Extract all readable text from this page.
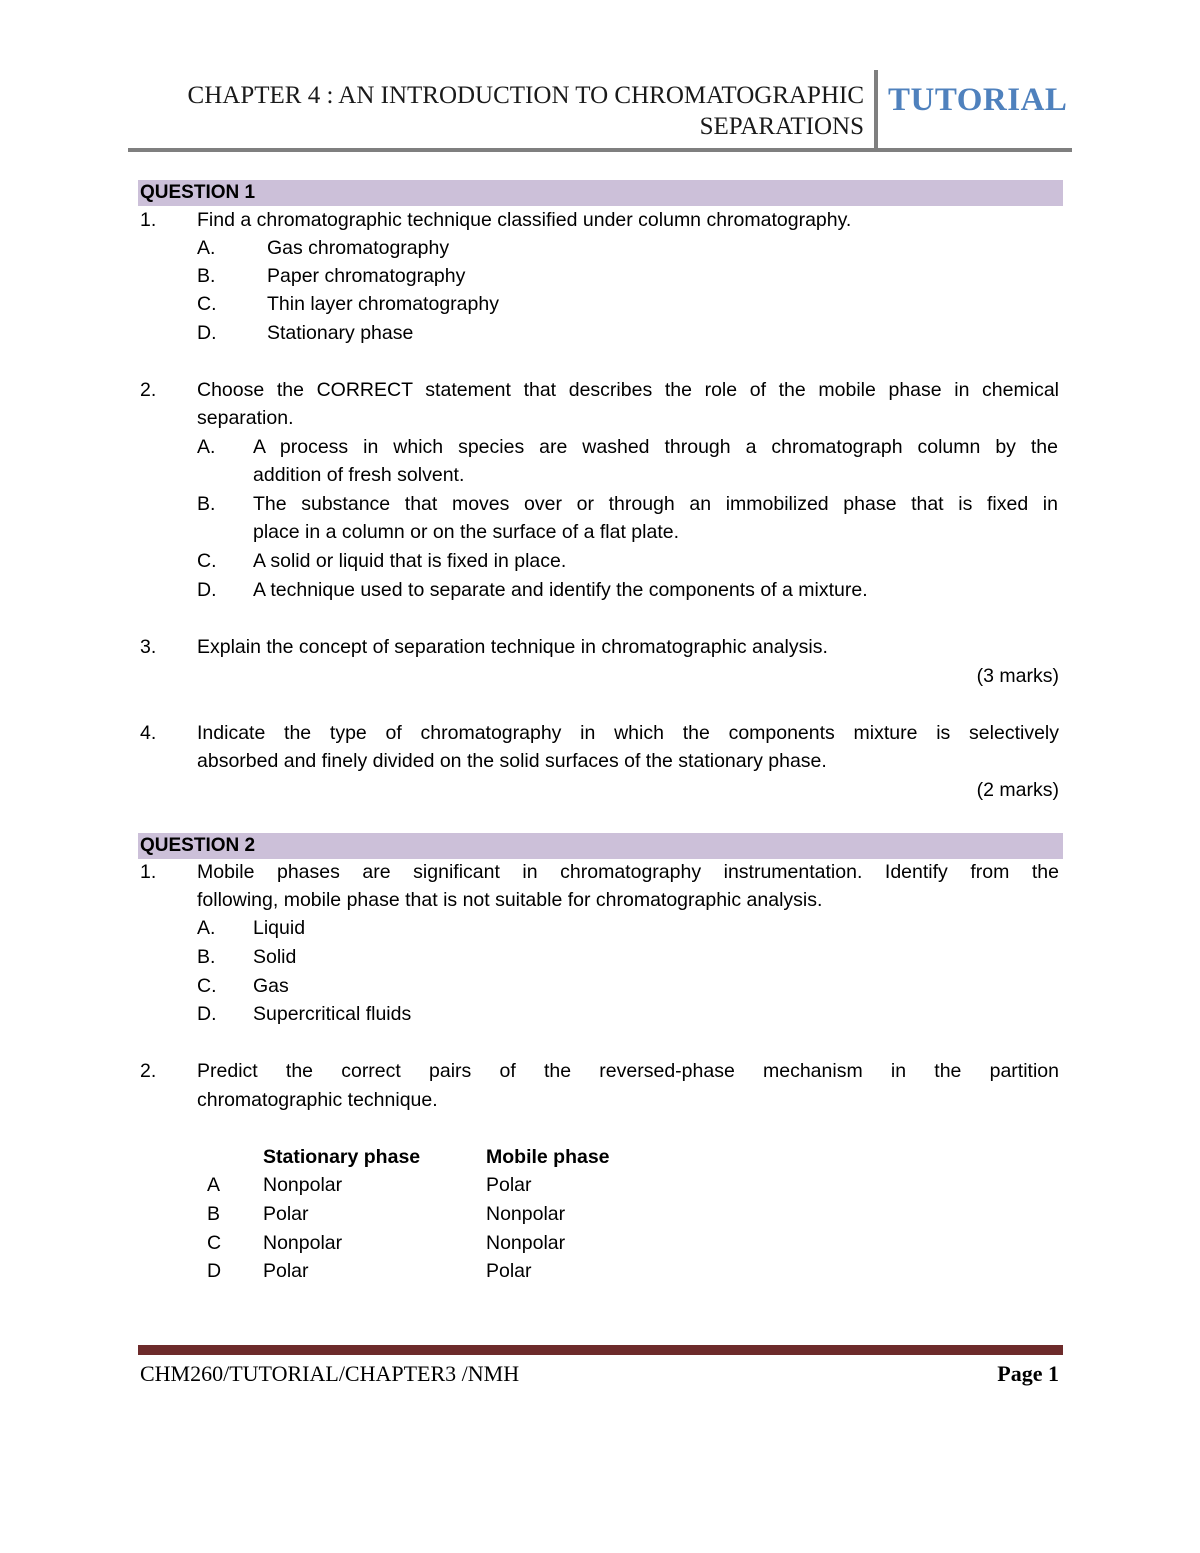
CHAPTER 4 : AN INTRODUCTION TO CHROMATOGRAPHIC
SEPARATIONS
TUTORIAL
QUESTION 1
1. Find a chromatographic technique classified under column chromatography.
A.	Gas chromatography
B.	Paper chromatography
C.	Thin layer chromatography
D.	Stationary phase
2. Choose the CORRECT statement that describes the role of the mobile phase in chemical
separation.
A. A process in which species are washed through a chromatograph column by the
addition of fresh solvent.
B. The substance that moves over or through an immobilized phase that is fixed in
place in a column or on the surface of a flat plate.
C. A solid or liquid that is fixed in place.
D. A technique used to separate and identify the components of a mixture.
3. Explain the concept of separation technique in chromatographic analysis.
(3 marks)
4. Indicate the type of chromatography in which the components mixture is selectively
absorbed and finely divided on the solid surfaces of the stationary phase.
(2 marks)
QUESTION 2
1. Mobile phases are significant in chromatography instrumentation. Identify from the
following, mobile phase that is not suitable for chromatographic analysis.
A. Liquid
B. Solid
C. Gas
D. Supercritical fluids
2. Predict the correct pairs of the reversed-phase mechanism in the partition
chromatographic technique.
Stationary phase	Mobile phase
A Nonpolar	Polar
B Polar	Nonpolar
C Nonpolar	Nonpolar
D Polar	Polar
CHM260/TUTORIAL/CHAPTER3 /NMH	Page 1
